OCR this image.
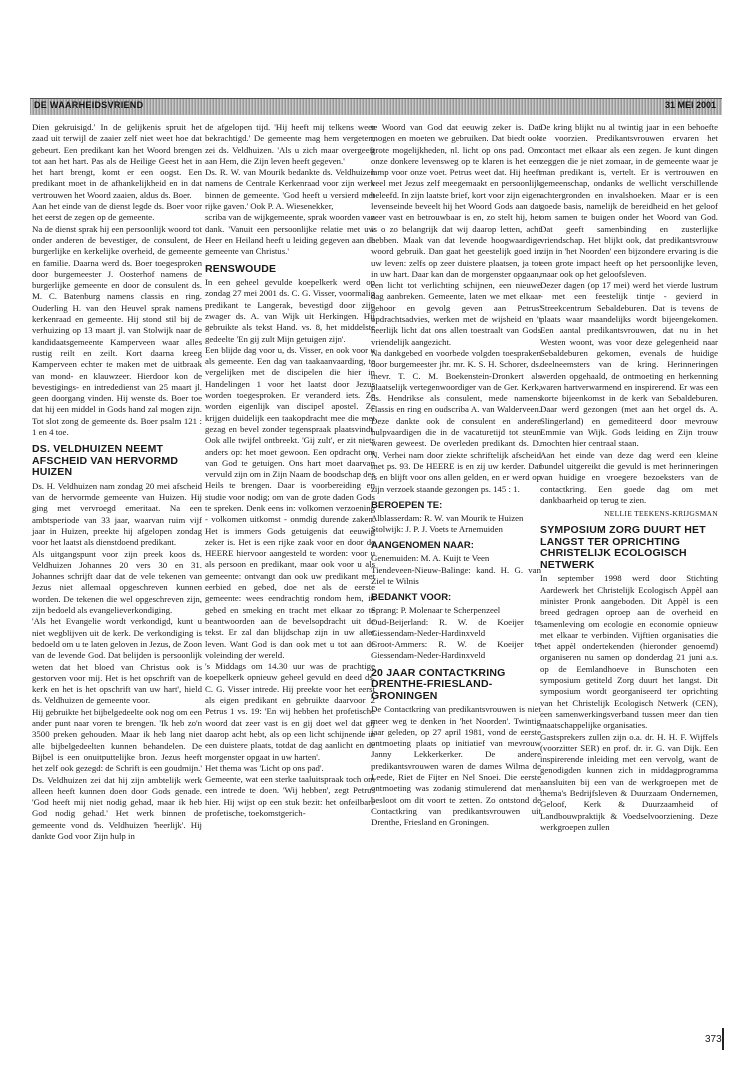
DE WAARHEIDSVRIEND	31 MEI 2001

Dien gekruisigd.' In de gelijkenis spruit het zaad uit terwijl de zaaier zelf niet weet hoe dat gebeurt. Een predikant kan het Woord brengen tot aan het hart. Pas als de Heilige Geest het in het hart brengt, komt er een oogst. Een predikant moet in de afhankelijkheid en in dat vertrouwen het Woord zaaien, aldus ds. Boer.

Aan het einde van de dienst legde ds. Boer voor het eerst de zegen op de gemeente.

Na de dienst sprak hij een persoonlijk woord tot onder anderen de bevestiger, de consulent, de burgerlijke en kerkelijke overheid, de gemeente en familie. Daarna werd ds. Boer toegesproken door burgemeester J. Oosterhof namens de burgerlijke gemeente en door de consulent ds. M. C. Batenburg namens classis en ring. Ouderling H. van den Heuvel sprak namens kerkenraad en gemeente. Hij stond stil bij de verhuizing op 13 maart jl. van Stolwijk naar de kandidaatsgemeente Kamperveen waar alles rustig reilt en zeilt. Kort daarna kreeg Kamperveen echter te maken met de uitbraak van mond- en klauwzeer. Hierdoor kon de bevestigings- en intrededienst van 25 maart jl. geen doorgang vinden. Hij wenste ds. Boer toe dat hij een middel in Gods hand zal mogen zijn. Tot slot zong de gemeente ds. Boer psalm 121 : 1 en 4 toe.

DS. VELDHUIZEN NEEMT AFSCHEID VAN HERVORMD HUIZEN

Ds. H. Veldhuizen nam zondag 20 mei afscheid van de hervormde gemeente van Huizen. Hij ging met vervroegd emeritaat. Na een ambtsperiode van 33 jaar, waarvan ruim vijf jaar in Huizen, preekte hij afgelopen zondag voor het laatst als dienstdoend predikant.

Als uitgangspunt voor zijn preek koos ds. Veldhuizen Johannes 20 vers 30 en 31. Johannes schrijft daar dat de vele tekenen van Jezus niet allemaal opgeschreven kunnen worden. De tekenen die wel opgeschreven zijn, zijn bedoeld als evangelieverkondiging.

'Als het Evangelie wordt verkondigd, kunt u niet wegblijven uit de kerk. De verkondiging is bedoeld om u te laten geloven in Jezus, de Zoon van de levende God. Dat belijden is persoonlijk weten dat het bloed van Christus ook is gestorven voor mij. Het is het opschrift van de kerk en het is het opschrift van uw hart', hield ds. Veldhuizen de gemeente voor.

Hij gebruikte het bijbelgedeelte ook nog om een ander punt naar voren te brengen. 'Ik heb zo'n 3500 preken gehouden. Maar ik heb lang niet alle bijbelgedeelten kunnen behandelen. De Bijbel is een onuitputtelijke bron. Jezus heeft het zelf ook gezegd: de Schrift is een goudmijn.'

Ds. Veldhuizen zei dat hij zijn ambtelijk werk alleen heeft kunnen doen door Gods genade. 'God heeft mij niet nodig gehad, maar ik heb God nodig gehad.' Het werk binnen de gemeente vond ds. Veldhuizen 'heerlijk'. Hij dankte God voor Zijn hulp in

de afgelopen tijd. 'Hij heeft mij telkens weer bekrachtigd.' De gemeente mag hem vergeten, zei ds. Veldhuizen. 'Als u zich maar overgeeft aan Hem, die Zijn leven heeft gegeven.'

Ds. R. W. van Mourik bedankte ds. Veldhuizen namens de Centrale Kerkenraad voor zijn werk binnen de gemeente. 'God heeft u versierd met rijke gaven.' Ook P. A. Wiesenekker,

scriba van de wijkgemeente, sprak woorden van dank. 'Vanuit een persoonlijke relatie met uw Heer en Heiland heeft u leiding gegeven aan de gemeente van Christus.'

RENSWOUDE

In een geheel gevulde koepelkerk werd op zondag 27 mei 2001 ds. C. G. Visser, voormalig predikant te Langerak, bevestigd door zijn zwager ds. A. van Wijk uit Herkingen. Hij gebruikte als tekst Hand. vs. 8, het middelste gedeelte 'En gij zult Mijn getuigen zijn'.

Een blijde dag voor u, ds. Visser, en ook voor u als gemeente. Een dag van taakaanvaarding, te vergelijken met de discipelen die hier in Handelingen 1 voor het laatst door Jezus worden toegesproken. Er veranderd iets. Ze worden eigenlijk van discipel apostel. Ze krijgen duidelijk een taakopdracht mee die met gezag en bevel zonder tegenspraak plaatsvindt. Ook alle twijfel ontbreekt. 'Gij zult', er zit niets anders op: het moet gewoon. Een opdracht om van God te getuigen. Ons hart moet daarvan vervuld zijn om in Zijn Naam de boodschap des Heils te brengen. Daar is voorbereiding en studie voor nodig; om van de grote daden Gods te spreken. Denk eens in: volkomen verzoening - volkomen uitkomst - onmdig durende zaken. Het is immers Gods getuigenis dat eeuwig zeker is. Het is een rijke zaak voor en door de HEERE hiervoor aangesteld te worden: voor u als persoon en predikant, maar ook voor u als gemeente: ontvangt dan ook uw predikant met eerbied en gebed, doe net als de eerste gemeente: wees eendrachtig rondom hem, in gebed en smeking en tracht met elkaar zo te beantwoorden aan de bevelsopdracht uit de tekst. Er zal dan blijdschap zijn in uw aller leven. Want God is dan ook met u tot aan de voleinding der wereld.

's Middags om 14.30 uur was de prachtige koepelkerk opnieuw geheel gevuld en deed ds. C. G. Visser intrede. Hij preekte voor het eerst als eigen predikant en gebruikte daarvoor 2 Petrus 1 vs. 19: 'En wij hebben het profetische woord dat zeer vast is en gij doet wel dat gij daarop acht hebt, als op een licht schijnende in een duistere plaats, totdat de dag aanlicht en de morgenster opgaat in uw harten'.

Het thema was 'Licht op ons pad'.

Gemeente, wat een sterke taaluitspraak toch om een intrede te doen. 'Wij hebben', zegt Petrus hier. Hij wijst op een stuk bezit: het onfeilbare profetische, toekomstgerich-

te Woord van God dat eeuwig zeker is. Dat mogen en moeten we gebruiken. Dat biedt ook grote mogelijkheden, nl. licht op ons pad. Om onze donkere levensweg op te klaren is het een lamp voor onze voet. Petrus weet dat. Hij heeft veel met Jezus zelf meegemaakt en persoonlijk beleefd. In zijn laatste brief, kort voor zijn eigen levenseinde beveelt hij het Woord Gods aan dat zeer vast en betrouwbaar is en, zo stelt hij, het is o zo belangrijk dat wij daarop letten, acht hebben. Maak van dat levende hoogwaardige woord gebruik. Dan gaat het geestelijk goed in uw leven: zelfs op zeer duistere plaatsen, ja tot in uw hart. Daar kan dan de morgenster opgaan, een licht tot verlichting schijnen, een nieuwe dag aanbreken. Gemeente, laten we met elkaar gehoor en gevolg geven aan Petrus' opdrachtsadvies, werken met de wijsheid en 't heerlijk licht dat ons allen toestraalt van Gods vriendelijk aangezicht.

Na dankgebed en voorbede volgden toespraken door burgemeester jhr. mr. K. S. H. Schorer, ds. mevr. T. C. M. Boekenstein-Dronkert als plaatselijk vertegenwoordiger van de Ger. Kerk, ds. Hendrikse als consulent, mede namens classis en ring en oudscriba A. van Walderveen. Deze dankte ook de consulent en andere hulpvaardigen die in de vacaturetijd tot steun waren geweest. De overleden predikant ds. D. N. Verhei nam door ziekte schriftelijk afscheid met ps. 93. De HEERE is en zij uw kerder. Dat is en blijft voor ons allen gelden, en er werd op zijn verzoek staande gezongen ps. 145 : 1.

BEROEPEN TE:

Alblasserdam: R. W. van Mourik te Huizen

Stolwijk: J. P. J. Voets te Arnemuiden

AANGENOMEN NAAR:

Genemuiden: M. A. Kuijt te Veen

Tiendeveen-Nieuw-Balinge: kand. H. G. van Ziel te Wilnis

BEDANKT VOOR:

Sprang: P. Molenaar te Scherpenzeel

Oud-Beijerland: R. W. de Koeijer te Giessendam-Neder-Hardinxveld

Groot-Ammers: R. W. de Koeijer te Giessendam-Neder-Hardinxveld

20 JAAR CONTACTKRING DRENTHE-FRIESLAND-GRONINGEN

De Contactkring van predikantsvrouwen is niet meer weg te denken in 'het Noorden'. Twintig jaar geleden, op 27 april 1981, vond de eerste ontmoeting plaats op initiatief van mevrouw Janny Lekkerkerker. De andere predikantsvrouwen waren de dames Wilma de Leede, Riet de Fijter en Nel Snoei. Die eerste ontmoeting was zodanig stimulerend dat men besloot om dit voort te zetten. Zo ontstond de Contactkring van predikantsvrouwen uit Drenthe, Friesland en Groningen.

De kring blijkt nu al twintig jaar in een behoefte te voorzien. Predikantsvrouwen ervaren het contact met elkaar als een zegen. Je kunt dingen zeggen die je niet zomaar, in de gemeente waar je man predikant is, vertelt. Er is vertrouwen en gemeenschap, ondanks de wellicht verschillende achtergronden en invalshoeken. Maar er is een goede basis, namelijk de bereidheid en het geloof om samen te buigen onder het Woord van God. Dat geeft samenbinding en zusterlijke vriendschap. Het blijkt ook, dat predikantsvrouw zijn in 'het Noorden' een bijzondere ervaring is die een grote impact heeft op het persoonlijke leven, maar ook op het geloofsleven.

Dezer dagen (op 17 mei) werd het vierde lustrum - met een feestelijk tintje - gevierd in Streekcentrum Sebaldeburen. Dat is tevens de plaats waar maandelijks wordt bijeengekomen. Een aantal predikantsvrouwen, dat nu in het Westen woont, was voor deze gelegenheid naar Sebaldeburen gekomen, evenals de huidige deelneemsters van de kring. Herinneringen werden opgehaald, de ontmoeting en herkenning waren hartverwarmend en inspirerend. Er was een korte bijeenkomst in de kerk van Sebaldeburen. Daar werd gezongen (met aan het orgel ds. A. Slingerland) en gemediteerd door mevrouw Emmie van Wijk. Gods leiding en Zijn trouw mochten hier centraal staan.

Aan het einde van deze dag werd een kleine bundel uitgereikt die gevuld is met herinneringen van huidige en vroegere bezoeksters van de contactkring. Een goede dag om met dankbaarheid op terug te zien.

NELLIE TEEKENS-KRIJGSMAN

SYMPOSIUM ZORG DUURT HET LANGST TER OPRICHTING CHRISTELIJK ECOLOGISCH NETWERK

In september 1998 werd door Stichting Aardewerk het Christelijk Ecologisch Appèl aan minister Pronk aangeboden. Dit Appèl is een breed gedragen oproep aan de overheid en samenleving om ecologie en economie opnieuw met elkaar te verbinden. Vijftien organisaties die het appèl ondertekenden (hieronder genoemd) organiseren nu samen op donderdag 21 juni a.s. op de Eemlandhoeve in Bunschoten een symposium getiteld Zorg duurt het langst. Dit symposium wordt georganiseerd ter oprichting van het Christelijk Ecologisch Netwerk (CEN), een samenwerkingsverband tussen meer dan tien maatschappelijke organisaties.

Gastsprekers zullen zijn o.a. dr. H. H. F. Wijffels (voorzitter SER) en prof. dr. ir. G. van Dijk. Een inspirerende inleiding met een vervolg, want de genodigden kunnen zich in middagprogramma aansluiten bij een van de werkgroepen met de thema's Bedrijfsleven & Duurzaam Ondernemen, Geloof, Kerk & Duurzaamheid of Landbouwpraktijk & Voedselvoorziening. Deze werkgroepen zullen

373
